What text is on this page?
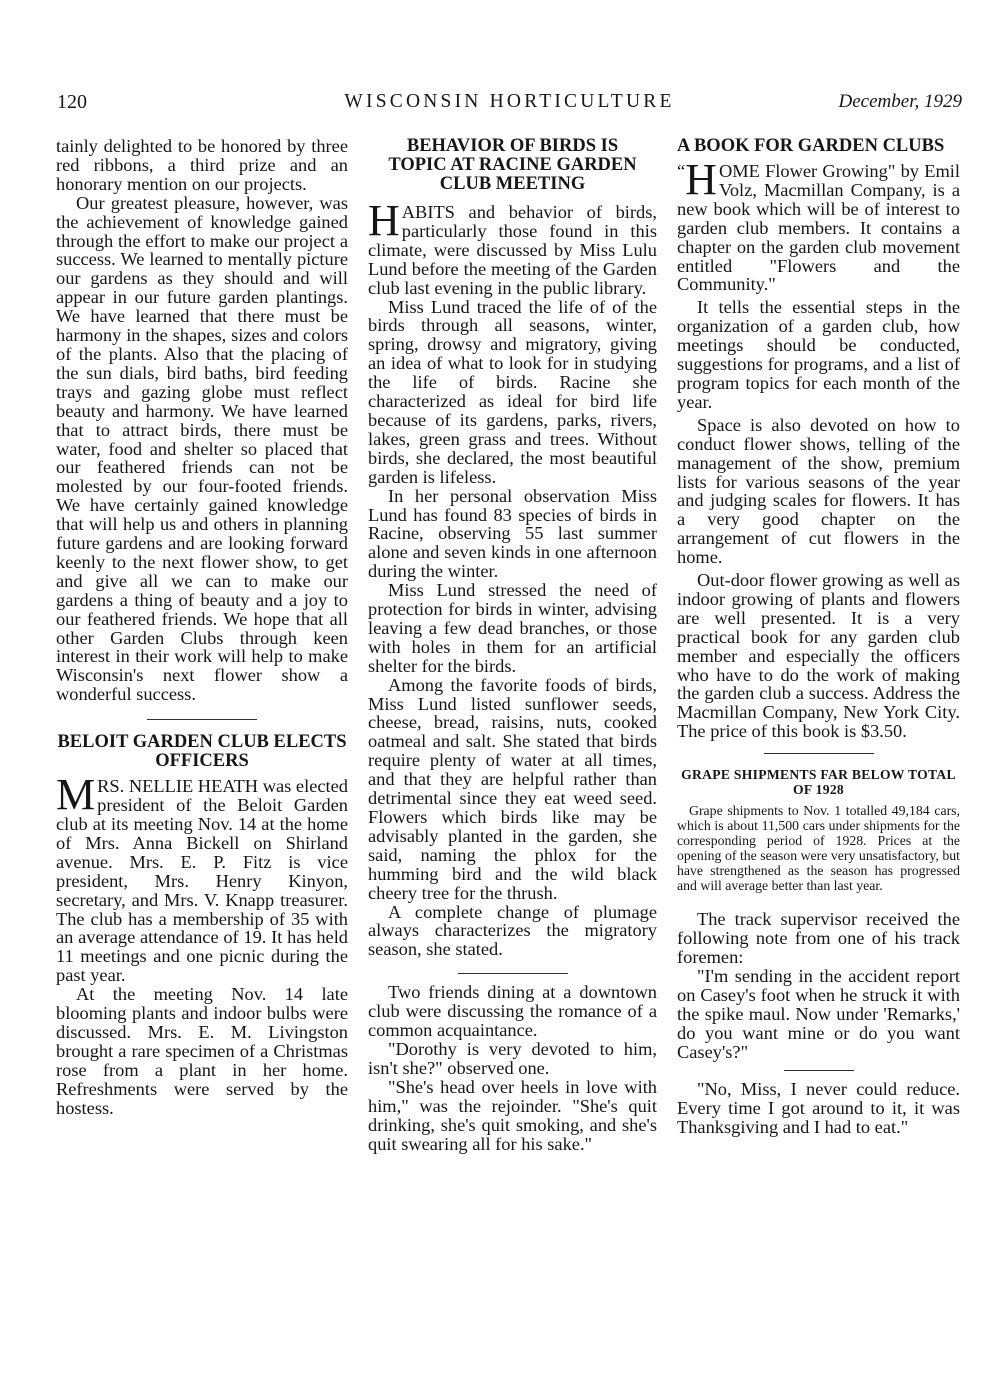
120	WISCONSIN HORTICULTURE	December, 1929

tainly delighted to be honored by three red ribbons, a third prize and an honorary mention on our projects.

Our greatest pleasure, however, was the achievement of knowledge gained through the effort to make our project a success. We learned to mentally picture our gardens as they should and will appear in our future garden plantings. We have learned that there must be harmony in the shapes, sizes and colors of the plants. Also that the placing of the sun dials, bird baths, bird feeding trays and gazing globe must reflect beauty and harmony. We have learned that to attract birds, there must be water, food and shelter so placed that our feathered friends can not be molested by our four-footed friends. We have certainly gained knowledge that will help us and others in planning future gardens and are looking forward keenly to the next flower show, to get and give all we can to make our gardens a thing of beauty and a joy to our feathered friends. We hope that all other Garden Clubs through keen interest in their work will help to make Wisconsin's next flower show a wonderful success.

BELOIT GARDEN CLUB ELECTS OFFICERS

MRS. NELLIE HEATH was elected president of the Beloit Garden club at its meeting Nov. 14 at the home of Mrs. Anna Bickell on Shirland avenue. Mrs. E. P. Fitz is vice president, Mrs. Henry Kinyon, secretary, and Mrs. V. Knapp treasurer. The club has a membership of 35 with an average attendance of 19. It has held 11 meetings and one picnic during the past year.

At the meeting Nov. 14 late blooming plants and indoor bulbs were discussed. Mrs. E. M. Livingston brought a rare specimen of a Christmas rose from a plant in her home. Refreshments were served by the hostess.

BEHAVIOR OF BIRDS IS TOPIC AT RACINE GARDEN CLUB MEETING

HABITS and behavior of birds, particularly those found in this climate, were discussed by Miss Lulu Lund before the meeting of the Garden club last evening in the public library.

Miss Lund traced the life of of the birds through all seasons, winter, spring, drowsy and migratory, giving an idea of what to look for in studying the life of birds. Racine she characterized as ideal for bird life because of its gardens, parks, rivers, lakes, green grass and trees. Without birds, she declared, the most beautiful garden is lifeless.

In her personal observation Miss Lund has found 83 species of birds in Racine, observing 55 last summer alone and seven kinds in one afternoon during the winter.

Miss Lund stressed the need of protection for birds in winter, advising leaving a few dead branches, or those with holes in them for an artificial shelter for the birds.

Among the favorite foods of birds, Miss Lund listed sunflower seeds, cheese, bread, raisins, nuts, cooked oatmeal and salt. She stated that birds require plenty of water at all times, and that they are helpful rather than detrimental since they eat weed seed. Flowers which birds like may be advisably planted in the garden, she said, naming the phlox for the humming bird and the wild black cheery tree for the thrush.

A complete change of plumage always characterizes the migratory season, she stated.

Two friends dining at a downtown club were discussing the romance of a common acquaintance.

"Dorothy is very devoted to him, isn't she?" observed one.

"She's head over heels in love with him," was the rejoinder. "She's quit drinking, she's quit smoking, and she's quit swearing all for his sake."

A BOOK FOR GARDEN CLUBS

“ H OME Flower Growing" by Emil Volz, Macmillan Company, is a new book which will be of interest to garden club members. It contains a chapter on the garden club movement entitled "Flowers and the Community."

It tells the essential steps in the organization of a garden club, how meetings should be conducted, suggestions for programs, and a list of program topics for each month of the year.

Space is also devoted on how to conduct flower shows, telling of the management of the show, premium lists for various seasons of the year and judging scales for flowers. It has a very good chapter on the arrangement of cut flowers in the home.

Out-door flower growing as well as indoor growing of plants and flowers are well presented. It is a very practical book for any garden club member and especially the officers who have to do the work of making the garden club a success. Address the Macmillan Company, New York City. The price of this book is $3.50.

GRAPE SHIPMENTS FAR BELOW TOTAL OF 1928

Grape shipments to Nov. 1 totalled 49,184 cars, which is about 11,500 cars under shipments for the corresponding period of 1928. Prices at the opening of the season were very unsatisfactory, but have strengthened as the season has progressed and will average better than last year.

The track supervisor received the following note from one of his track foremen:

"I'm sending in the accident report on Casey's foot when he struck it with the spike maul. Now under 'Remarks,' do you want mine or do you want Casey's?"

"No, Miss, I never could reduce. Every time I got around to it, it was Thanksgiving and I had to eat."
